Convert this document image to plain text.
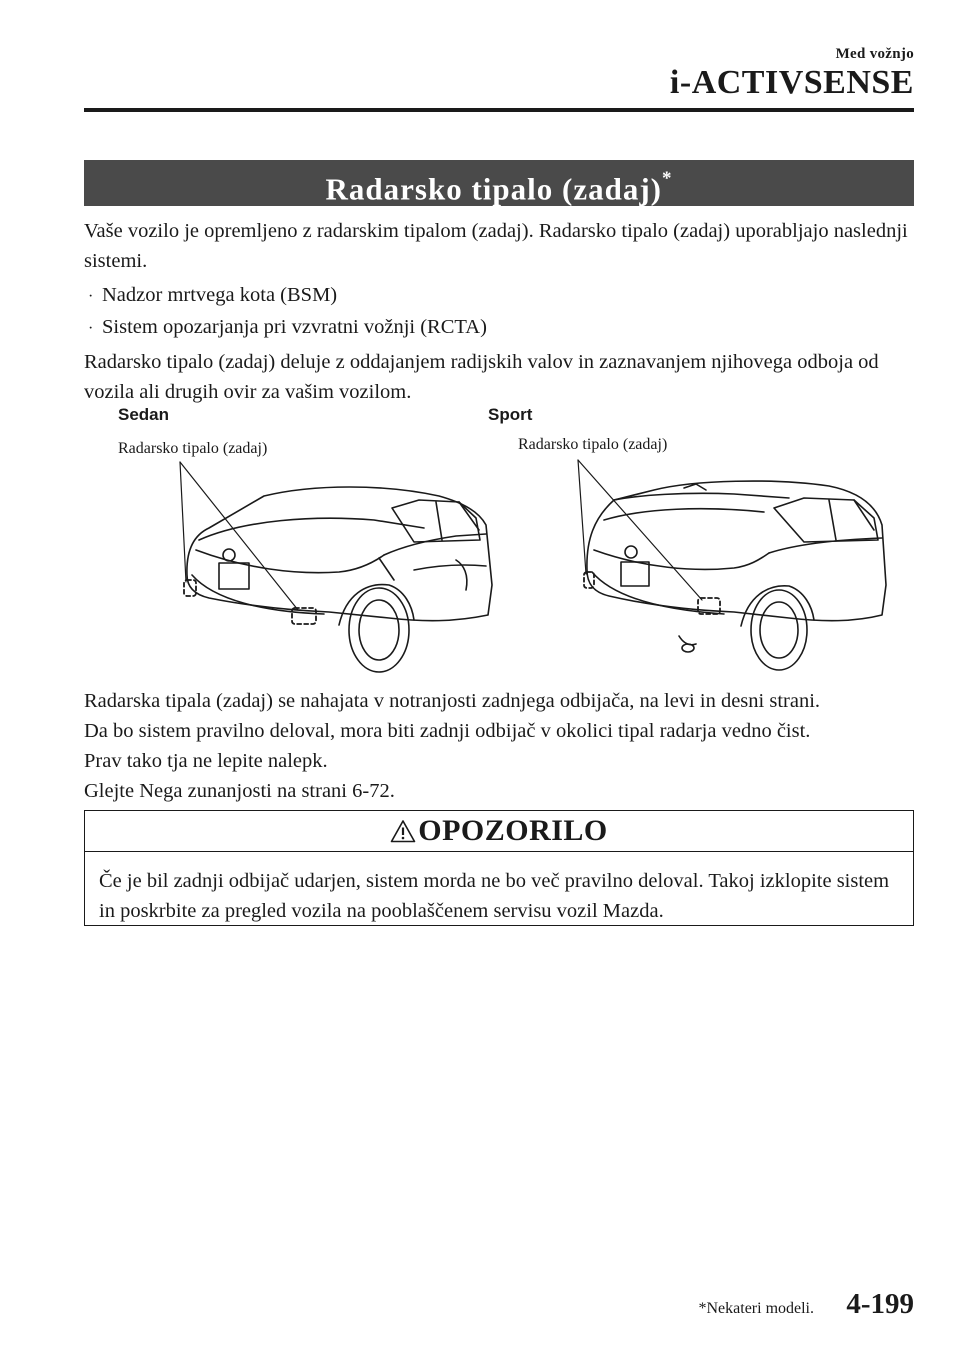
Med vožnjo
i-ACTIVSENSE
Radarsko tipalo (zadaj)*
Vaše vozilo je opremljeno z radarskim tipalom (zadaj). Radarsko tipalo (zadaj) uporabljajo naslednji sistemi.
· Nadzor mrtvega kota (BSM)
· Sistem opozarjanja pri vzvratni vožnji (RCTA)
Radarsko tipalo (zadaj) deluje z oddajanjem radijskih valov in zaznavanjem njihovega odboja od vozila ali drugih ovir za vašim vozilom.
Sedan	Sport
Radarsko tipalo (zadaj)	Radarsko tipalo (zadaj)
Radarska tipala (zadaj) se nahajata v notranjosti zadnjega odbijača, na levi in desni strani.
Da bo sistem pravilno deloval, mora biti zadnji odbijač v okolici tipal radarja vedno čist.
Prav tako tja ne lepite nalepk.
Glejte Nega zunanjosti na strani 6-72.
OPOZORILO
Če je bil zadnji odbijač udarjen, sistem morda ne bo več pravilno deloval. Takoj izklopite sistem in poskrbite za pregled vozila na pooblaščenem servisu vozil Mazda.
*Nekateri modeli. 4-199
